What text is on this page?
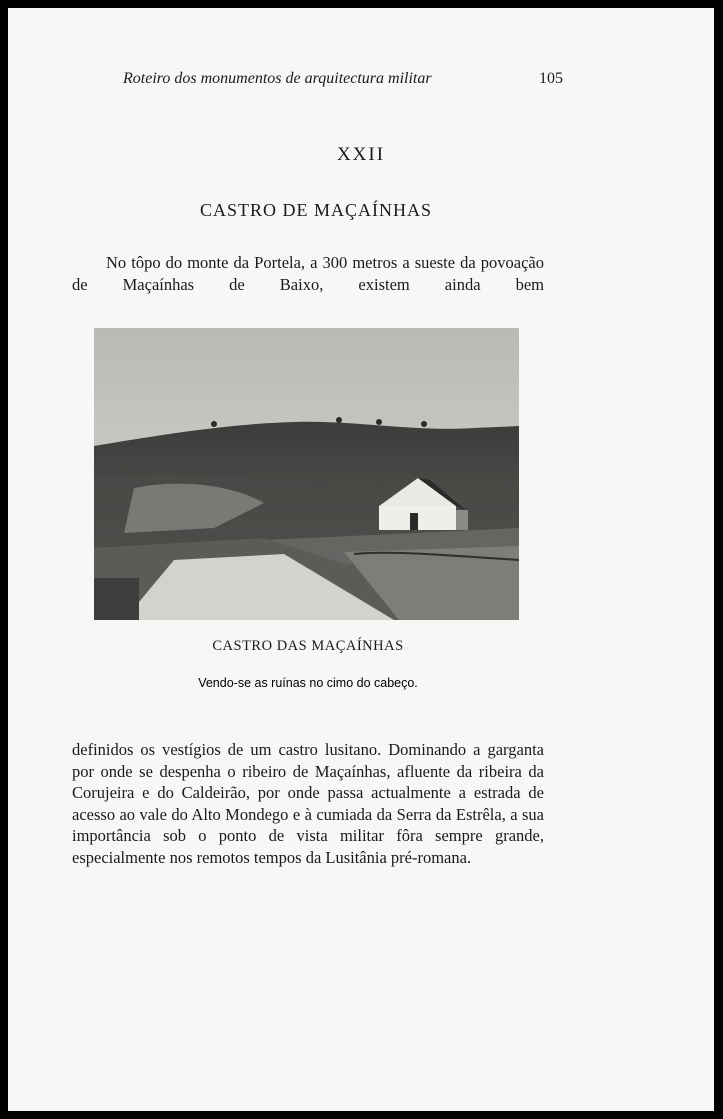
Roteiro dos monumentos de arquitectura militar	105
XXII
CASTRO DE MAÇAÍNHAS
No tôpo do monte da Portela, a 300 metros a sueste da povoação de Maçaínhas de Baixo, existem ainda bem
CASTRO DAS MAÇAÍNHAS
Vendo-se as ruínas no cimo do cabeço.
definidos os vestígios de um castro lusitano. Dominando a garganta por onde se despenha o ribeiro de Maçaínhas, afluente da ribeira da Corujeira e do Caldeirão, por onde passa actualmente a estrada de acesso ao vale do Alto Mondego e à cumiada da Serra da Estrêla, a sua importância sob o ponto de vista militar fôra sempre grande, especialmente nos remotos tempos da Lusitânia pré-romana.
